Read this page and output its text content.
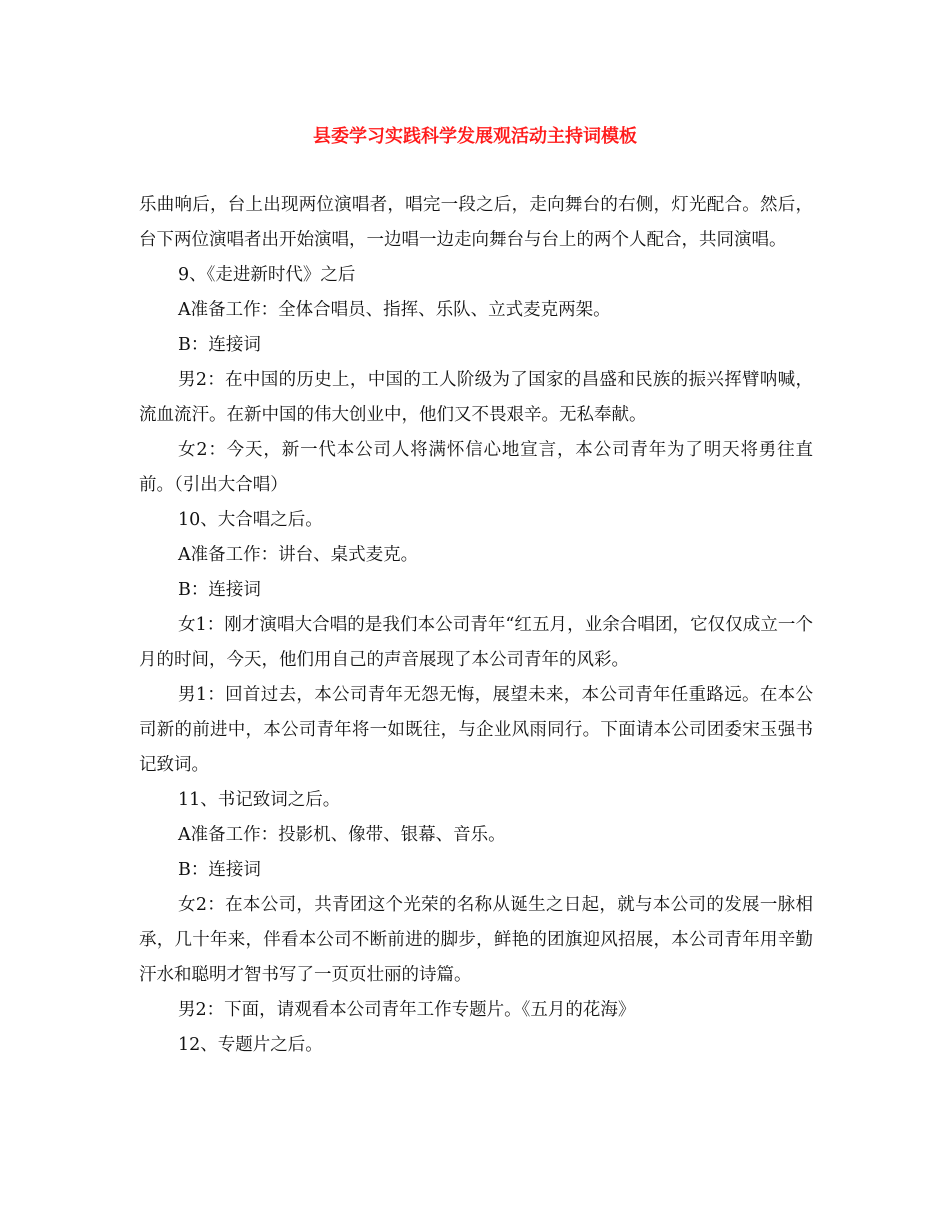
县委学习实践科学发展观活动主持词模板

乐曲响后，台上出现两位演唱者，唱完一段之后，走向舞台的右侧，灯光配合。然后，台下两位演唱者出开始演唱，一边唱一边走向舞台与台上的两个人配合，共同演唱。

9、《走进新时代》之后

A准备工作：全体合唱员、指挥、乐队、立式麦克两架。

B：连接词

男2：在中国的历史上，中国的工人阶级为了国家的昌盛和民族的振兴挥臂呐喊，流血流汗。在新中国的伟大创业中，他们又不畏艰辛。无私奉献。

女2：今天，新一代本公司人将满怀信心地宣言，本公司青年为了明天将勇往直前。（引出大合唱）

10、大合唱之后。

A准备工作：讲台、桌式麦克。

B：连接词

女1：刚才演唱大合唱的是我们本公司青年“红五月，业余合唱团，它仅仅成立一个月的时间，今天，他们用自己的声音展现了本公司青年的风彩。

男1：回首过去，本公司青年无怨无悔，展望未来，本公司青年任重路远。在本公司新的前进中，本公司青年将一如既往，与企业风雨同行。下面请本公司团委宋玉强书记致词。

11、书记致词之后。

A准备工作：投影机、像带、银幕、音乐。

B：连接词

女2：在本公司，共青团这个光荣的名称从诞生之日起，就与本公司的发展一脉相承，几十年来，伴看本公司不断前进的脚步，鲜艳的团旗迎风招展，本公司青年用辛勤汗水和聪明才智书写了一页页壮丽的诗篇。

男2：下面，请观看本公司青年工作专题片。《五月的花海》

12、专题片之后。
